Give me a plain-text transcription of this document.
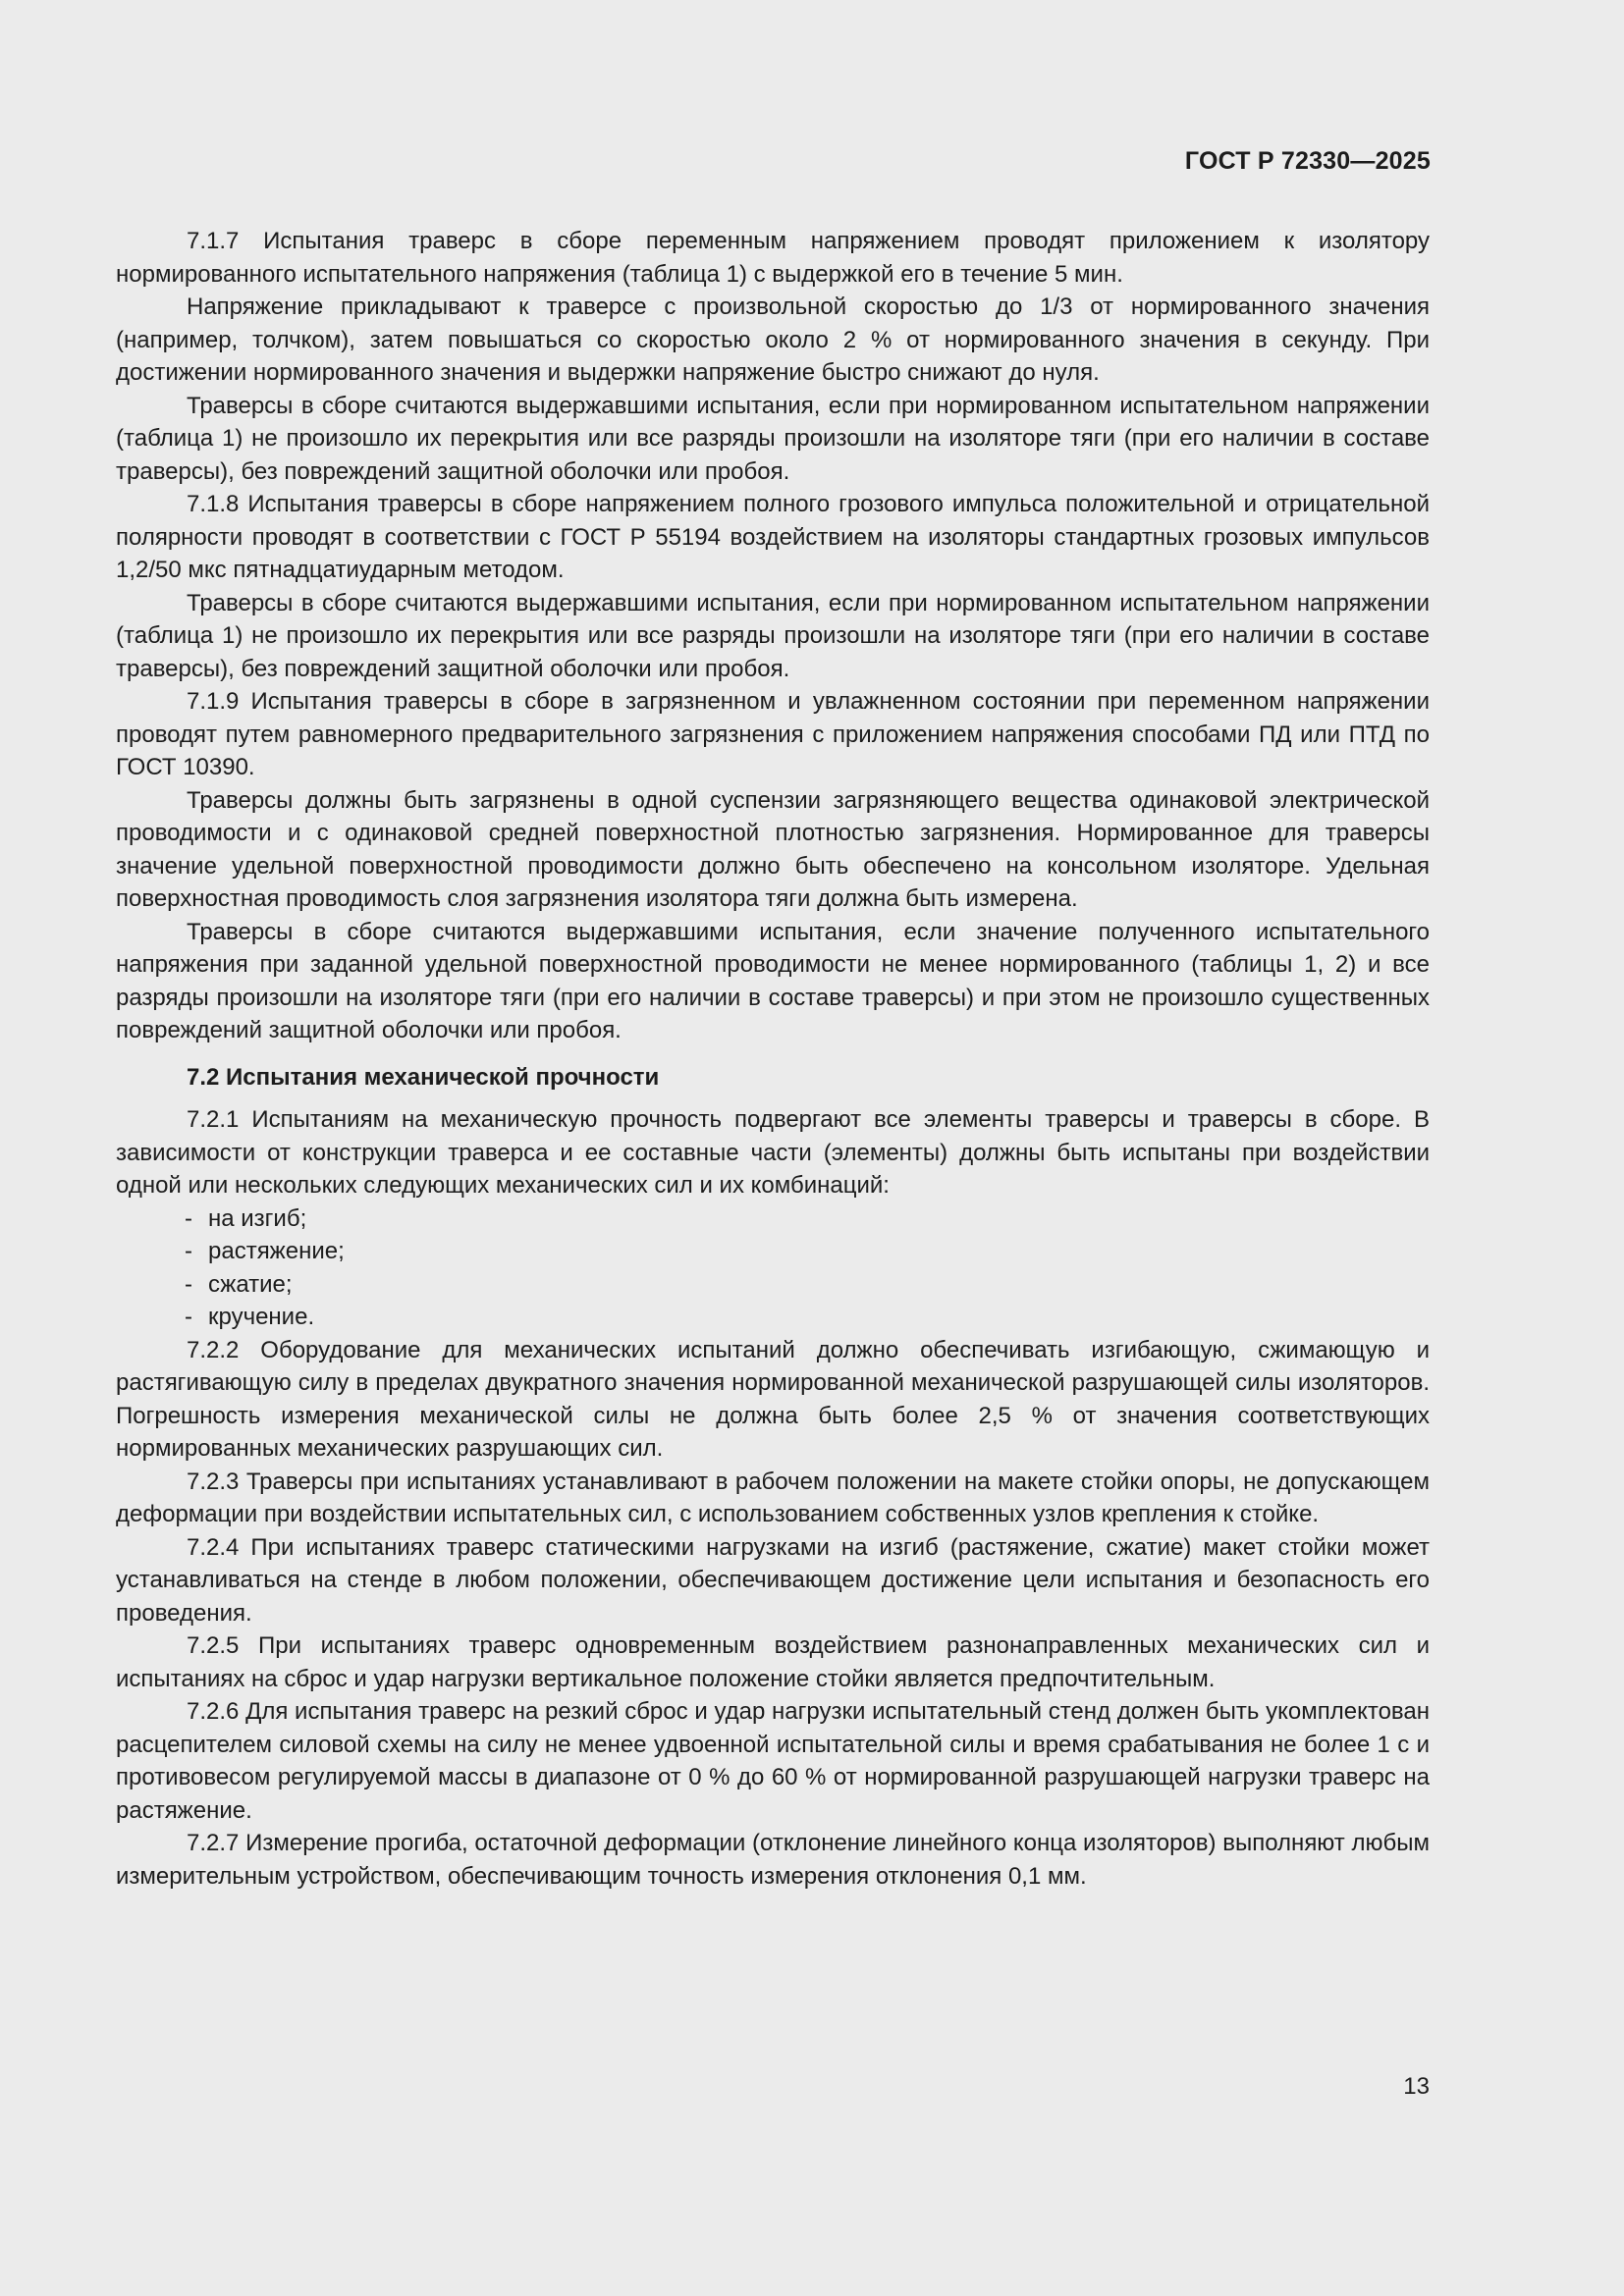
ГОСТ Р 72330—2025

7.1.7 Испытания траверс в сборе переменным напряжением проводят приложением к изолятору нормированного испытательного напряжения (таблица 1) с выдержкой его в течение 5 мин.

Напряжение прикладывают к траверсе с произвольной скоростью до 1/3 от нормированного значения (например, толчком), затем повышаться со скоростью около 2 % от нормированного значения в секунду. При достижении нормированного значения и выдержки напряжение быстро снижают до нуля.

Траверсы в сборе считаются выдержавшими испытания, если при нормированном испытательном напряжении (таблица 1) не произошло их перекрытия или все разряды произошли на изоляторе тяги (при его наличии в составе траверсы), без повреждений защитной оболочки или пробоя.

7.1.8 Испытания траверсы в сборе напряжением полного грозового импульса положительной и отрицательной полярности проводят в соответствии с ГОСТ Р 55194 воздействием на изоляторы стандартных грозовых импульсов 1,2/50 мкс пятнадцатиударным методом.

Траверсы в сборе считаются выдержавшими испытания, если при нормированном испытательном напряжении (таблица 1) не произошло их перекрытия или все разряды произошли на изоляторе тяги (при его наличии в составе траверсы), без повреждений защитной оболочки или пробоя.

7.1.9 Испытания траверсы в сборе в загрязненном и увлажненном состоянии при переменном напряжении проводят путем равномерного предварительного загрязнения с приложением напряжения способами ПД или ПТД по ГОСТ 10390.

Траверсы должны быть загрязнены в одной суспензии загрязняющего вещества одинаковой электрической проводимости и с одинаковой средней поверхностной плотностью загрязнения. Нормированное для траверсы значение удельной поверхностной проводимости должно быть обеспечено на консольном изоляторе. Удельная поверхностная проводимость слоя загрязнения изолятора тяги должна быть измерена.

Траверсы в сборе считаются выдержавшими испытания, если значение полученного испытательного напряжения при заданной удельной поверхностной проводимости не менее нормированного (таблицы 1, 2) и все разряды произошли на изоляторе тяги (при его наличии в составе траверсы) и при этом не произошло существенных повреждений защитной оболочки или пробоя.

7.2 Испытания механической прочности

7.2.1 Испытаниям на механическую прочность подвергают все элементы траверсы и траверсы в сборе. В зависимости от конструкции траверса и ее составные части (элементы) должны быть испытаны при воздействии одной или нескольких следующих механических сил и их комбинаций:

- на изгиб;
- растяжение;
- сжатие;
- кручение.

7.2.2 Оборудование для механических испытаний должно обеспечивать изгибающую, сжимающую и растягивающую силу в пределах двукратного значения нормированной механической разрушающей силы изоляторов. Погрешность измерения механической силы не должна быть более 2,5 % от значения соответствующих нормированных механических разрушающих сил.

7.2.3 Траверсы при испытаниях устанавливают в рабочем положении на макете стойки опоры, не допускающем деформации при воздействии испытательных сил, с использованием собственных узлов крепления к стойке.

7.2.4 При испытаниях траверс статическими нагрузками на изгиб (растяжение, сжатие) макет стойки может устанавливаться на стенде в любом положении, обеспечивающем достижение цели испытания и безопасность его проведения.

7.2.5 При испытаниях траверс одновременным воздействием разнонаправленных механических сил и испытаниях на сброс и удар нагрузки вертикальное положение стойки является предпочтительным.

7.2.6 Для испытания траверс на резкий сброс и удар нагрузки испытательный стенд должен быть укомплектован расцепителем силовой схемы на силу не менее удвоенной испытательной силы и время срабатывания не более 1 с и противовесом регулируемой массы в диапазоне от 0 % до 60 % от нормированной разрушающей нагрузки траверс на растяжение.

7.2.7 Измерение прогиба, остаточной деформации (отклонение линейного конца изоляторов) выполняют любым измерительным устройством, обеспечивающим точность измерения отклонения 0,1 мм.

13
